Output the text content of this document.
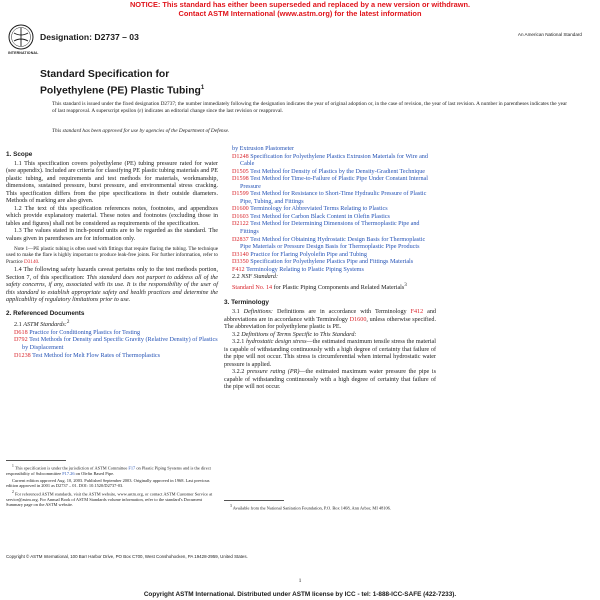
NOTICE: This standard has either been superseded and replaced by a new version or withdrawn.
Contact ASTM International (www.astm.org) for the latest information
INTERNATIONAL
Designation: D2737 – 03	An American National Standard
Standard Specification for
Polyethylene (PE) Plastic Tubing$^1$
This standard is issued under the fixed designation D2737; the number immediately following the designation indicates the year of original adoption or, in the case of revision, the year of last revision. A number in parentheses indicates the year of last reapproval. A superscript epsilon (ε) indicates an editorial change since the last revision or reapproval.
This standard has been approved for use by agencies of the Department of Defense.
1. Scope

1.1 This specification covers polyethylene (PE) tubing pressure rated for water (see appendix). Included are criteria for classifying PE plastic tubing materials and PE plastic tubing, and requirements and test methods for materials, workmanship, dimensions, sustained pressure, burst pressure, and environmental stress cracking. This specification differs from the pipe specifications in their outside diameters. Methods of marking are also given.

1.2 The text of this specification references notes, footnotes, and appendixes which provide explanatory material. These notes and footnotes (excluding those in tables and figures) shall not be considered as requirements of the specification.

1.3 The values stated in inch-pound units are to be regarded as the standard. The values given in parentheses are for information only.

Note 1—PE plastic tubing is often used with fittings that require flaring the tubing. The technique used to make the flare is highly important to produce leak-free joints. For further information, refer to Practice D3140.

1.4 The following safety hazards caveat pertains only to the test methods portion, Section 7, of this specification: This standard does not purport to address all of the safety concerns, if any, associated with its use. It is the responsibility of the user of this standard to establish appropriate safety and health practices and determine the applicability of regulatory limitations prior to use.

2. Referenced Documents

2.1 ASTM Standards:$^2$

D618 Practice for Conditioning Plastics for Testing

D792 Test Methods for Density and Specific Gravity (Relative Density) of Plastics by Displacement

D1238 Test Method for Melt Flow Rates of Thermoplastics

$^1$ This specification is under the jurisdiction of ASTM Committee F17 on Plastic Piping Systems and is the direct responsibility of Subcommittee F17.26 on Olefin Based Pipe.

Current edition approved Aug. 10, 2003. Published September 2003. Originally approved in 1968. Last previous edition approved in 2001 as D2737 – 01. DOI: 10.1520/D2737-03.

$^2$ For referenced ASTM standards, visit the ASTM website, www.astm.org, or contact ASTM Customer Service at service@astm.org. For Annual Book of ASTM Standards volume information, refer to the standard's Document Summary page on the ASTM website.

by Extrusion Plastometer

D1248 Specification for Polyethylene Plastics Extrusion Materials for Wire and Cable

D1505 Test Method for Density of Plastics by the Density-Gradient Technique

D1598 Test Method for Time-to-Failure of Plastic Pipe Under Constant Internal Pressure

D1599 Test Method for Resistance to Short-Time Hydraulic Pressure of Plastic Pipe, Tubing, and Fittings

D1600 Terminology for Abbreviated Terms Relating to Plastics

D1603 Test Method for Carbon Black Content in Olefin Plastics

D2122 Test Method for Determining Dimensions of Thermoplastic Pipe and Fittings

D2837 Test Method for Obtaining Hydrostatic Design Basis for Thermoplastic Pipe Materials or Pressure Design Basis for Thermoplastic Pipe Products

D3140 Practice for Flaring Polyolefin Pipe and Tubing

D3350 Specification for Polyethylene Plastics Pipe and Fittings Materials

F412 Terminology Relating to Plastic Piping Systems

2.2 NSF Standard:

Standard No. 14 for Plastic Piping Components and Related Materials$^3$

3. Terminology

3.1 Definitions: Definitions are in accordance with Terminology F412 and abbreviations are in accordance with Terminology D1600, unless otherwise specified. The abbreviation for polyethylene plastic is PE.

3.2 Definitions of Terms Specific to This Standard:

3.2.1 hydrostatic design stress—the estimated maximum tensile stress the material is capable of withstanding continuously with a high degree of certainty that failure of the pipe will not occur. This stress is circumferential when internal hydrostatic water pressure is applied.

3.2.2 pressure rating (PR)—the estimated maximum water pressure the pipe is capable of withstanding continuously with a high degree of certainty that failure of the pipe will not occur.

$^3$ Available from the National Sanitation Foundation, P.O. Box 1468, Ann Arbor, MI 48106.

Copyright © ASTM International, 100 Barr Harbor Drive, PO Box C700, West Conshohocken, PA 19428-2959, United States.
1
Copyright ASTM International. Distributed under ASTM license by ICC - tel: 1-888-ICC-SAFE (422-7233).
